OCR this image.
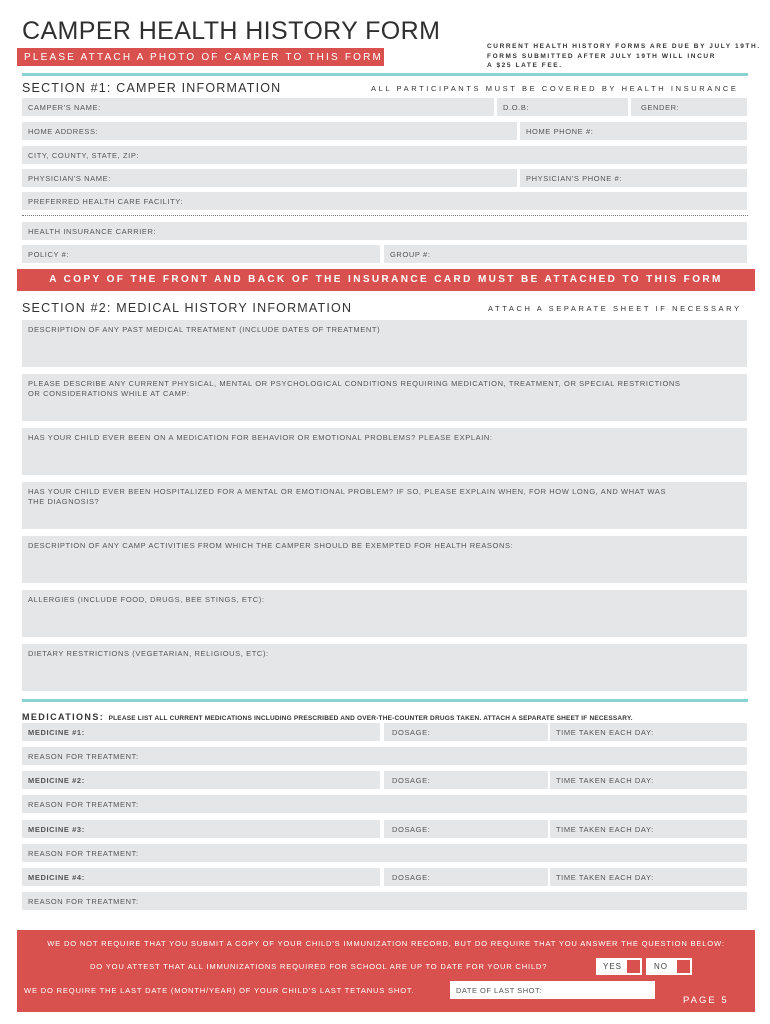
CAMPER HEALTH HISTORY FORM
PLEASE ATTACH A PHOTO OF CAMPER TO THIS FORM
CURRENT HEALTH HISTORY FORMS ARE DUE BY JULY 19TH.
FORMS SUBMITTED AFTER JULY 19TH WILL INCUR
A $25 LATE FEE.
SECTION #1: CAMPER INFORMATION	ALL PARTICIPANTS MUST BE COVERED BY HEALTH INSURANCE
CAMPER'S NAME:	D.O.B:	GENDER:
HOME ADDRESS:	HOME PHONE #:
CITY, COUNTY, STATE, ZIP:
PHYSICIAN'S NAME:	PHYSICIAN'S PHONE #:
PREFERRED HEALTH CARE FACILITY:
HEALTH INSURANCE CARRIER:
POLICY #:	GROUP #:
A COPY OF THE FRONT AND BACK OF THE INSURANCE CARD MUST BE ATTACHED TO THIS FORM
SECTION #2: MEDICAL HISTORY INFORMATION	ATTACH A SEPARATE SHEET IF NECESSARY
DESCRIPTION OF ANY PAST MEDICAL TREATMENT (INCLUDE DATES OF TREATMENT)
PLEASE DESCRIBE ANY CURRENT PHYSICAL, MENTAL OR PSYCHOLOGICAL CONDITIONS REQUIRING MEDICATION, TREATMENT, OR SPECIAL RESTRICTIONS
OR CONSIDERATIONS WHILE AT CAMP:
HAS YOUR CHILD EVER BEEN ON A MEDICATION FOR BEHAVIOR OR EMOTIONAL PROBLEMS? PLEASE EXPLAIN:
HAS YOUR CHILD EVER BEEN HOSPITALIZED FOR A MENTAL OR EMOTIONAL PROBLEM? IF SO, PLEASE EXPLAIN WHEN, FOR HOW LONG, AND WHAT WAS
THE DIAGNOSIS?
DESCRIPTION OF ANY CAMP ACTIVITIES FROM WHICH THE CAMPER SHOULD BE EXEMPTED FOR HEALTH REASONS:
ALLERGIES (INCLUDE FOOD, DRUGS, BEE STINGS, ETC):
DIETARY RESTRICTIONS (VEGETARIAN, RELIGIOUS, ETC):
MEDICATIONS: PLEASE LIST ALL CURRENT MEDICATIONS INCLUDING PRESCRIBED AND OVER-THE-COUNTER DRUGS TAKEN. ATTACH A SEPARATE SHEET IF NECESSARY.
MEDICINE #1:	DOSAGE:	TIME TAKEN EACH DAY:
REASON FOR TREATMENT:
MEDICINE #2:	DOSAGE:	TIME TAKEN EACH DAY:
REASON FOR TREATMENT:
MEDICINE #3:	DOSAGE:	TIME TAKEN EACH DAY:
REASON FOR TREATMENT:
MEDICINE #4:	DOSAGE:	TIME TAKEN EACH DAY:
REASON FOR TREATMENT:
WE DO NOT REQUIRE THAT YOU SUBMIT A COPY OF YOUR CHILD'S IMMUNIZATION RECORD, BUT DO REQUIRE THAT YOU ANSWER THE QUESTION BELOW:
DO YOU ATTEST THAT ALL IMMUNIZATIONS REQUIRED FOR SCHOOL ARE UP TO DATE FOR YOUR CHILD?	YES	NO
WE DO REQUIRE THE LAST DATE (MONTH/YEAR) OF YOUR CHILD'S LAST TETANUS SHOT.	DATE OF LAST SHOT:
PAGE 5
